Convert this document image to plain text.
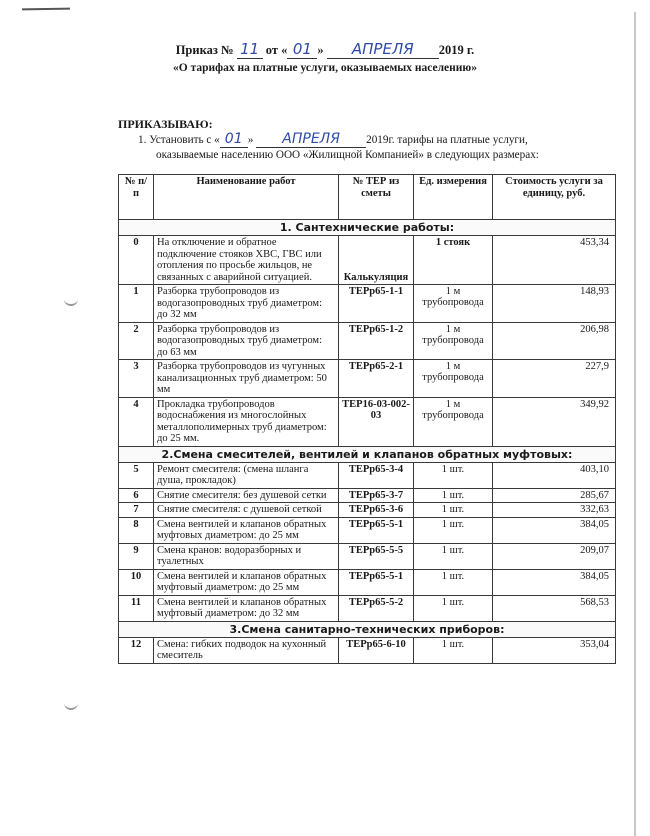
Приказ № 11 от « 01 » АПРЕЛЯ 2019 г.
«О тарифах на платные услуги, оказываемых населению»
ПРИКАЗЫВАЮ:
1. Установить с « 01 » АПРЕЛЯ 2019г. тарифы на платные услуги,
оказываемые населению ООО «Жилищной Компанией» в следующих размерах:
№ п/п	Наименование работ	№ ТЕР из сметы	Ед. измерения	Стоимость услуги за единицу, руб.
1. Сантехнические работы:				
0	На отключение и обратное подключение стояков ХВС, ГВС или отопления по просьбе жильцов, не связанных с аварийной ситуацией.	Калькуляция	1 стояк	453,34
1	Разборка трубопроводов из водогазопроводных труб диаметром: до 32 мм	ТЕРр65-1-1	1 м трубопровода	148,93
2	Разборка трубопроводов из водогазопроводных труб диаметром: до 63 мм	ТЕРр65-1-2	1 м трубопровода	206,98
3	Разборка трубопроводов из чугунных канализационных труб диаметром: 50 мм	ТЕРр65-2-1	1 м трубопровода	227,9
4	Прокладка трубопроводов водоснабжения из многослойных металлополимерных труб диаметром: до 25 мм.	ТЕР16-03-002-03	1 м трубопровода	349,92
2.Смена смесителей, вентилей и клапанов обратных муфтовых:				
5	Ремонт смесителя: (смена шланга душа, прокладок)	ТЕРр65-3-4	1 шт.	403,10
6	Снятие смесителя: без душевой сетки	ТЕРр65-3-7	1 шт.	285,67
7	Снятие смесителя: с душевой сеткой	ТЕРр65-3-6	1 шт.	332,63
8	Смена вентилей и клапанов обратных муфтовых диаметром: до 25 мм	ТЕРр65-5-1	1 шт.	384,05
9	Смена кранов: водоразборных и туалетных	ТЕРр65-5-5	1 шт.	209,07
10	Смена вентилей и клапанов обратных муфтовый диаметром: до 25 мм	ТЕРр65-5-1	1 шт.	384,05
11	Смена вентилей и клапанов обратных муфтовый диаметром: до 32 мм	ТЕРр65-5-2	1 шт.	568,53
3.Смена санитарно-технических приборов:				
12	Смена: гибких подводок на кухонный смеситель	ТЕРр65-6-10	1 шт.	353,04
